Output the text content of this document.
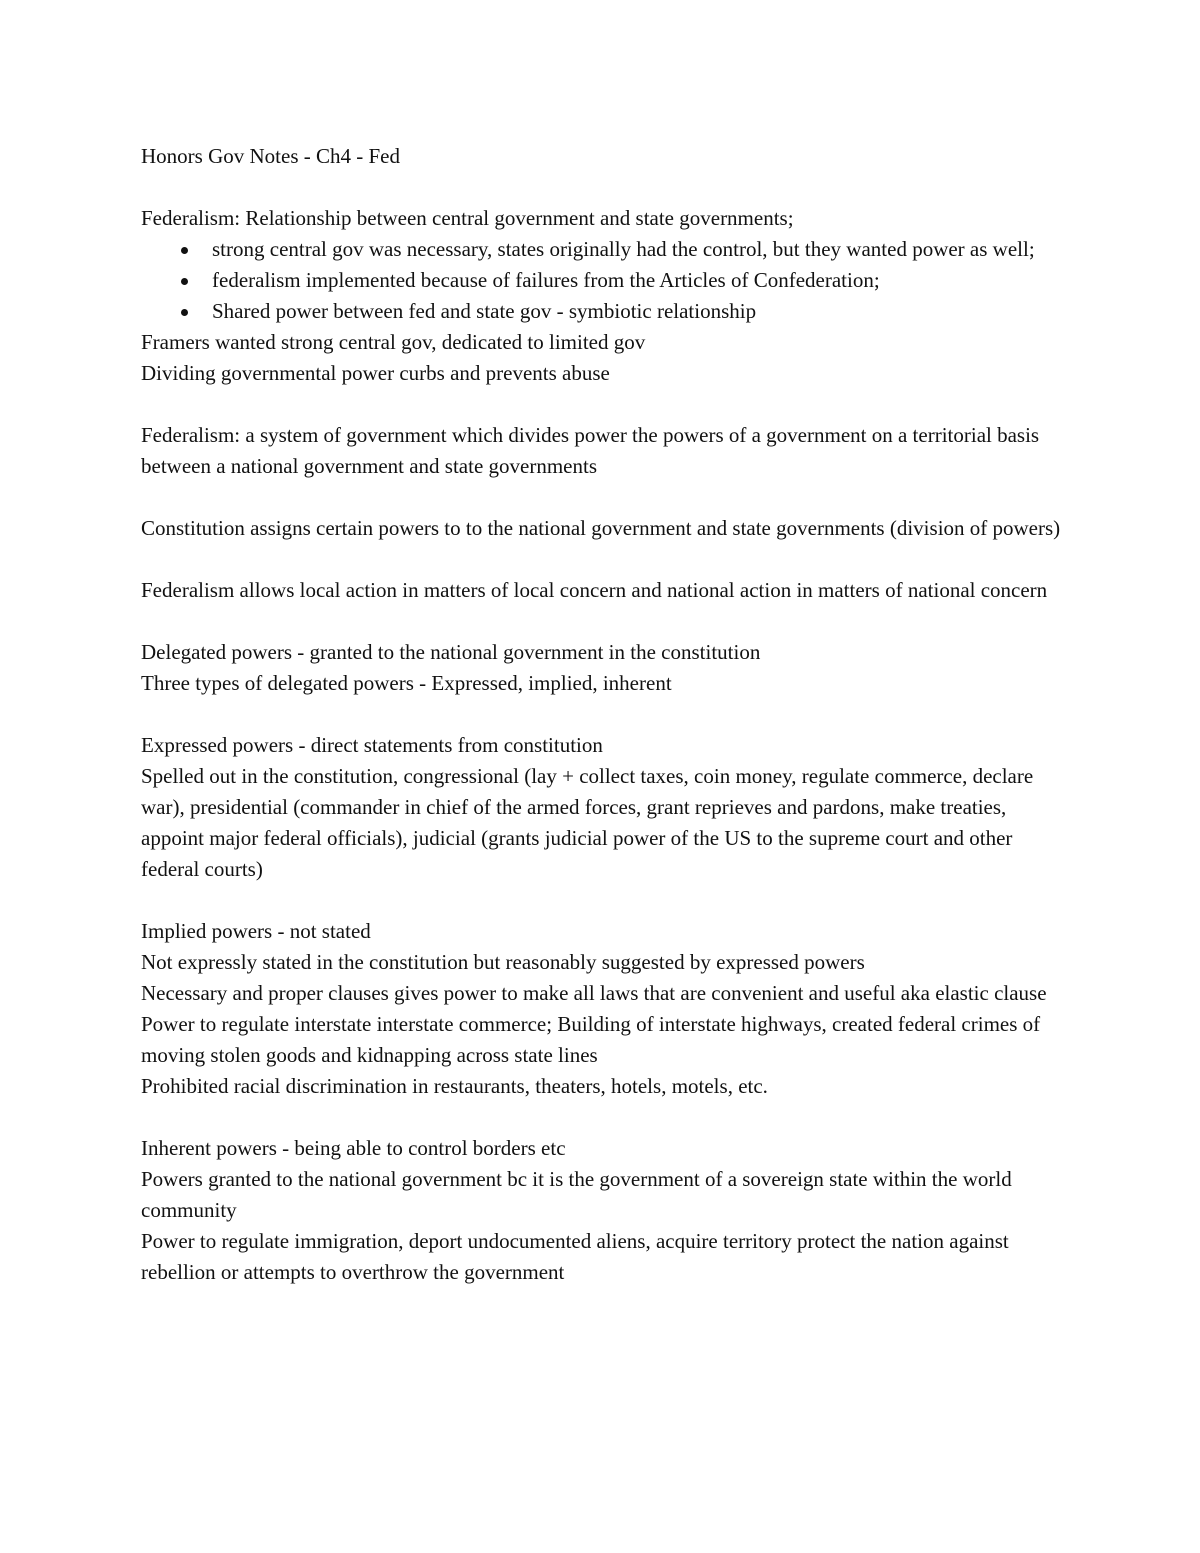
Honors Gov Notes - Ch4 - Fed

Federalism: Relationship between central government and state governments;

strong central gov was necessary, states originally had the control, but they wanted power as well;
federalism implemented because of failures from the Articles of Confederation;
Shared power between fed and state gov - symbiotic relationship

Framers wanted strong central gov, dedicated to limited gov

Dividing governmental power curbs and prevents abuse

Federalism: a system of government which divides power the powers of a government on a territorial basis between a national government and state governments

Constitution assigns certain powers to to the national government and state governments (division of powers)

Federalism allows local action in matters of local concern and national action in matters of national concern

Delegated powers - granted to the national government in the constitution

Three types of delegated powers - Expressed, implied, inherent

Expressed powers - direct statements from constitution

Spelled out in the constitution, congressional (lay + collect taxes, coin money, regulate commerce, declare war), presidential (commander in chief of the armed forces, grant reprieves and pardons, make treaties, appoint major federal officials), judicial (grants judicial power of the US to the supreme court and other federal courts)

Implied powers - not stated

Not expressly stated in the constitution but reasonably suggested by expressed powers

Necessary and proper clauses gives power to make all laws that are convenient and useful aka elastic clause

Power to regulate interstate interstate commerce; Building of interstate highways, created federal crimes of moving stolen goods and kidnapping across state lines

Prohibited racial discrimination in restaurants, theaters, hotels, motels, etc.

Inherent powers - being able to control borders etc

Powers granted to the national government bc it is the government of a sovereign state within the world community

Power to regulate immigration, deport undocumented aliens, acquire territory protect the nation against rebellion or attempts to overthrow the government
